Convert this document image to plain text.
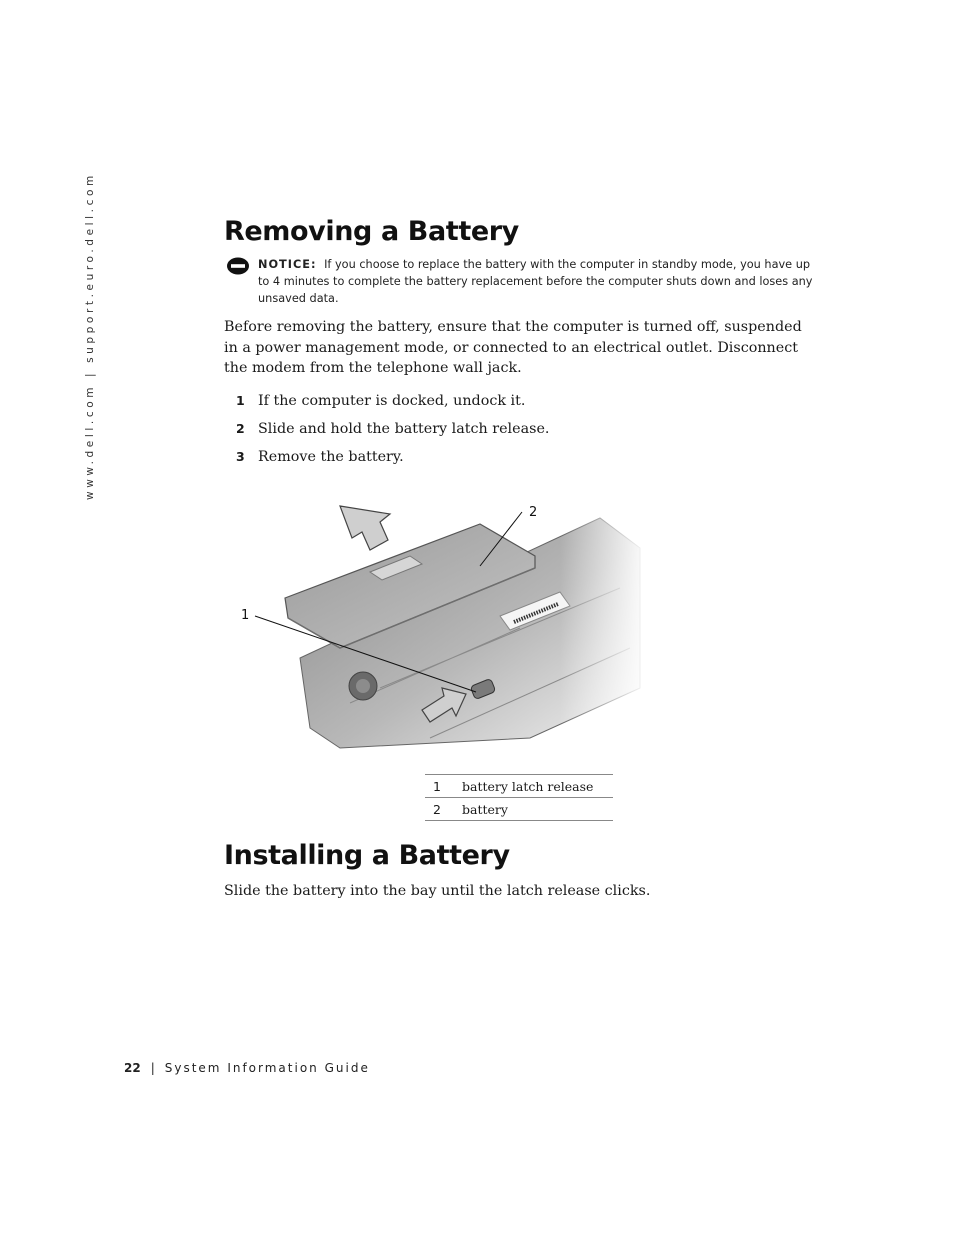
www.dell.com | support.euro.dell.com	Removing a Battery
NOTICE: If you choose to replace the battery with the computer in standby mode, you have up to 4 minutes to complete the battery replacement before the computer shuts down and loses any unsaved data.

Before removing the battery, ensure that the computer is turned off, suspended in a power management mode, or connected to an electrical outlet. Disconnect the modem from the telephone wall jack.

1 If the computer is docked, undock it.
2 Slide and hold the battery latch release.
3 Remove the battery.
1
2
1	battery latch release
2	battery
Installing a Battery

Slide the battery into the bay until the latch release clicks.

22 | System Information Guide
